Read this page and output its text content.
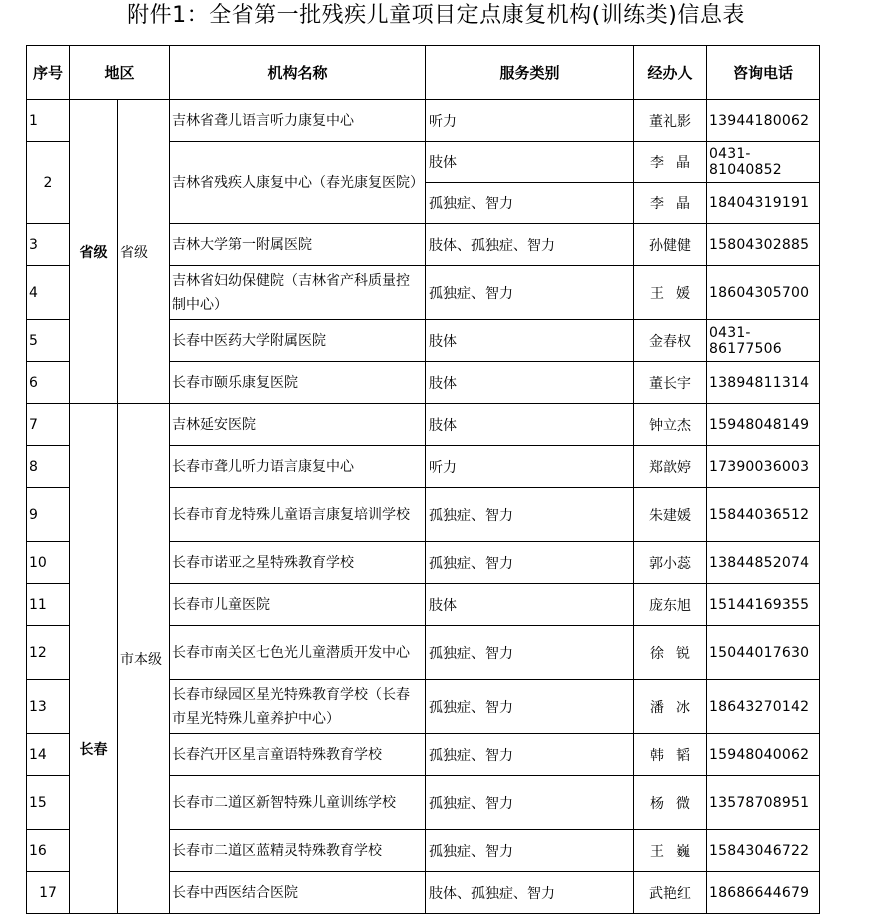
附件1：全省第一批残疾儿童项目定点康复机构(训练类)信息表
序号	地区		机构名称	服务类别	经办人	咨询电话
1	省级	省级	吉林省聋儿语言听力康复中心	听力	董礼影	13944180062
2			吉林省残疾人康复中心（春光康复医院）	肢体	李晶	0431-81040852
				孤独症、智力	李晶	18404319191
3			吉林大学第一附属医院	肢体、孤独症、智力	孙健健	15804302885
4			吉林省妇幼保健院（吉林省产科质量控制中心）	孤独症、智力	王媛	18604305700
5			长春中医药大学附属医院	肢体	金春权	0431-86177506
6			长春市颐乐康复医院	肢体	董长宇	13894811314
7	长春	市本级	吉林延安医院	肢体	钟立杰	15948048149
8			长春市聋儿听力语言康复中心	听力	郑歆婷	17390036003
9			长春市育龙特殊儿童语言康复培训学校	孤独症、智力	朱建媛	15844036512
10			长春市诺亚之星特殊教育学校	孤独症、智力	郭小蕊	13844852074
11			长春市儿童医院	肢体	庞东旭	15144169355
12			长春市南关区七色光儿童潜质开发中心	孤独症、智力	徐锐	15044017630
13			长春市绿园区星光特殊教育学校（长春市星光特殊儿童养护中心）	孤独症、智力	潘冰	18643270142
14			长春汽开区星言童语特殊教育学校	孤独症、智力	韩韬	15948040062
15			长春市二道区新智特殊儿童训练学校	孤独症、智力	杨微	13578708951
16			长春市二道区蓝精灵特殊教育学校	孤独症、智力	王巍	15843046722
17			长春中西医结合医院	肢体、孤独症、智力	武艳红	18686644679
